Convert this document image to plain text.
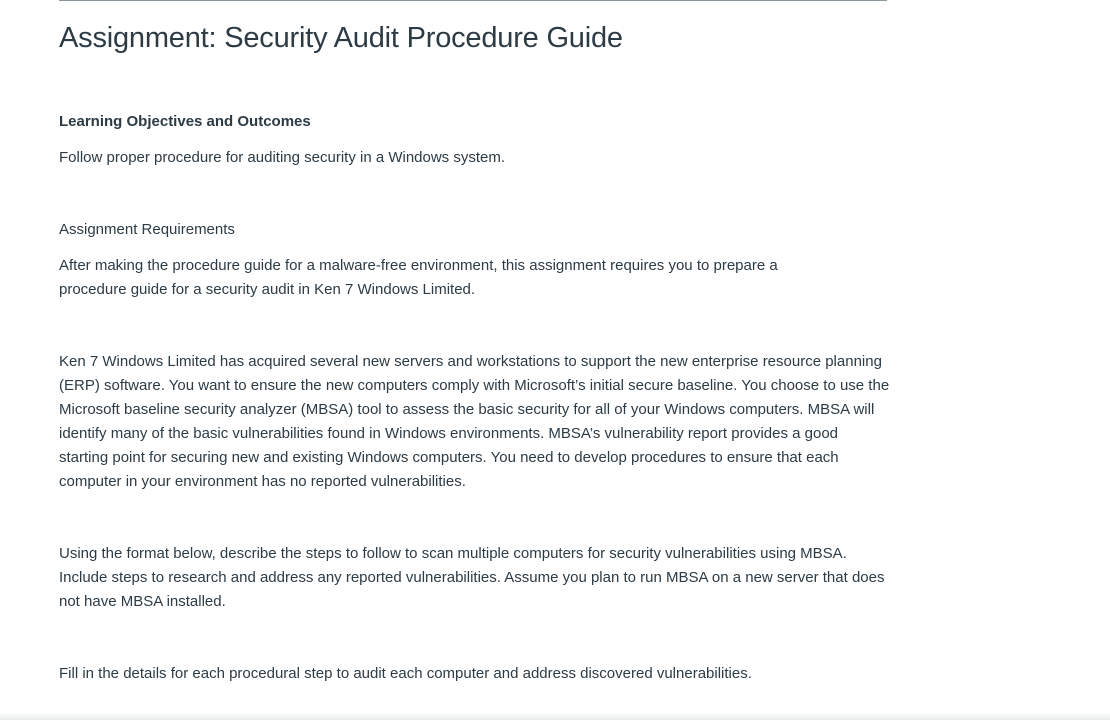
Assignment: Security Audit Procedure Guide

Learning Objectives and Outcomes

Follow proper procedure for auditing security in a Windows system.

Assignment Requirements

After making the procedure guide for a malware-free environment, this assignment requires you to prepare a procedure guide for a security audit in Ken 7 Windows Limited.

Ken 7 Windows Limited has acquired several new servers and workstations to support the new enterprise resource planning (ERP) software. You want to ensure the new computers comply with Microsoft’s initial secure baseline. You choose to use the Microsoft baseline security analyzer (MBSA) tool to assess the basic security for all of your Windows computers. MBSA will identify many of the basic vulnerabilities found in Windows environments. MBSA’s vulnerability report provides a good starting point for securing new and existing Windows computers. You need to develop procedures to ensure that each computer in your environment has no reported vulnerabilities.

Using the format below, describe the steps to follow to scan multiple computers for security vulnerabilities using MBSA. Include steps to research and address any reported vulnerabilities. Assume you plan to run MBSA on a new server that does not have MBSA installed.

Fill in the details for each procedural step to audit each computer and address discovered vulnerabilities.
